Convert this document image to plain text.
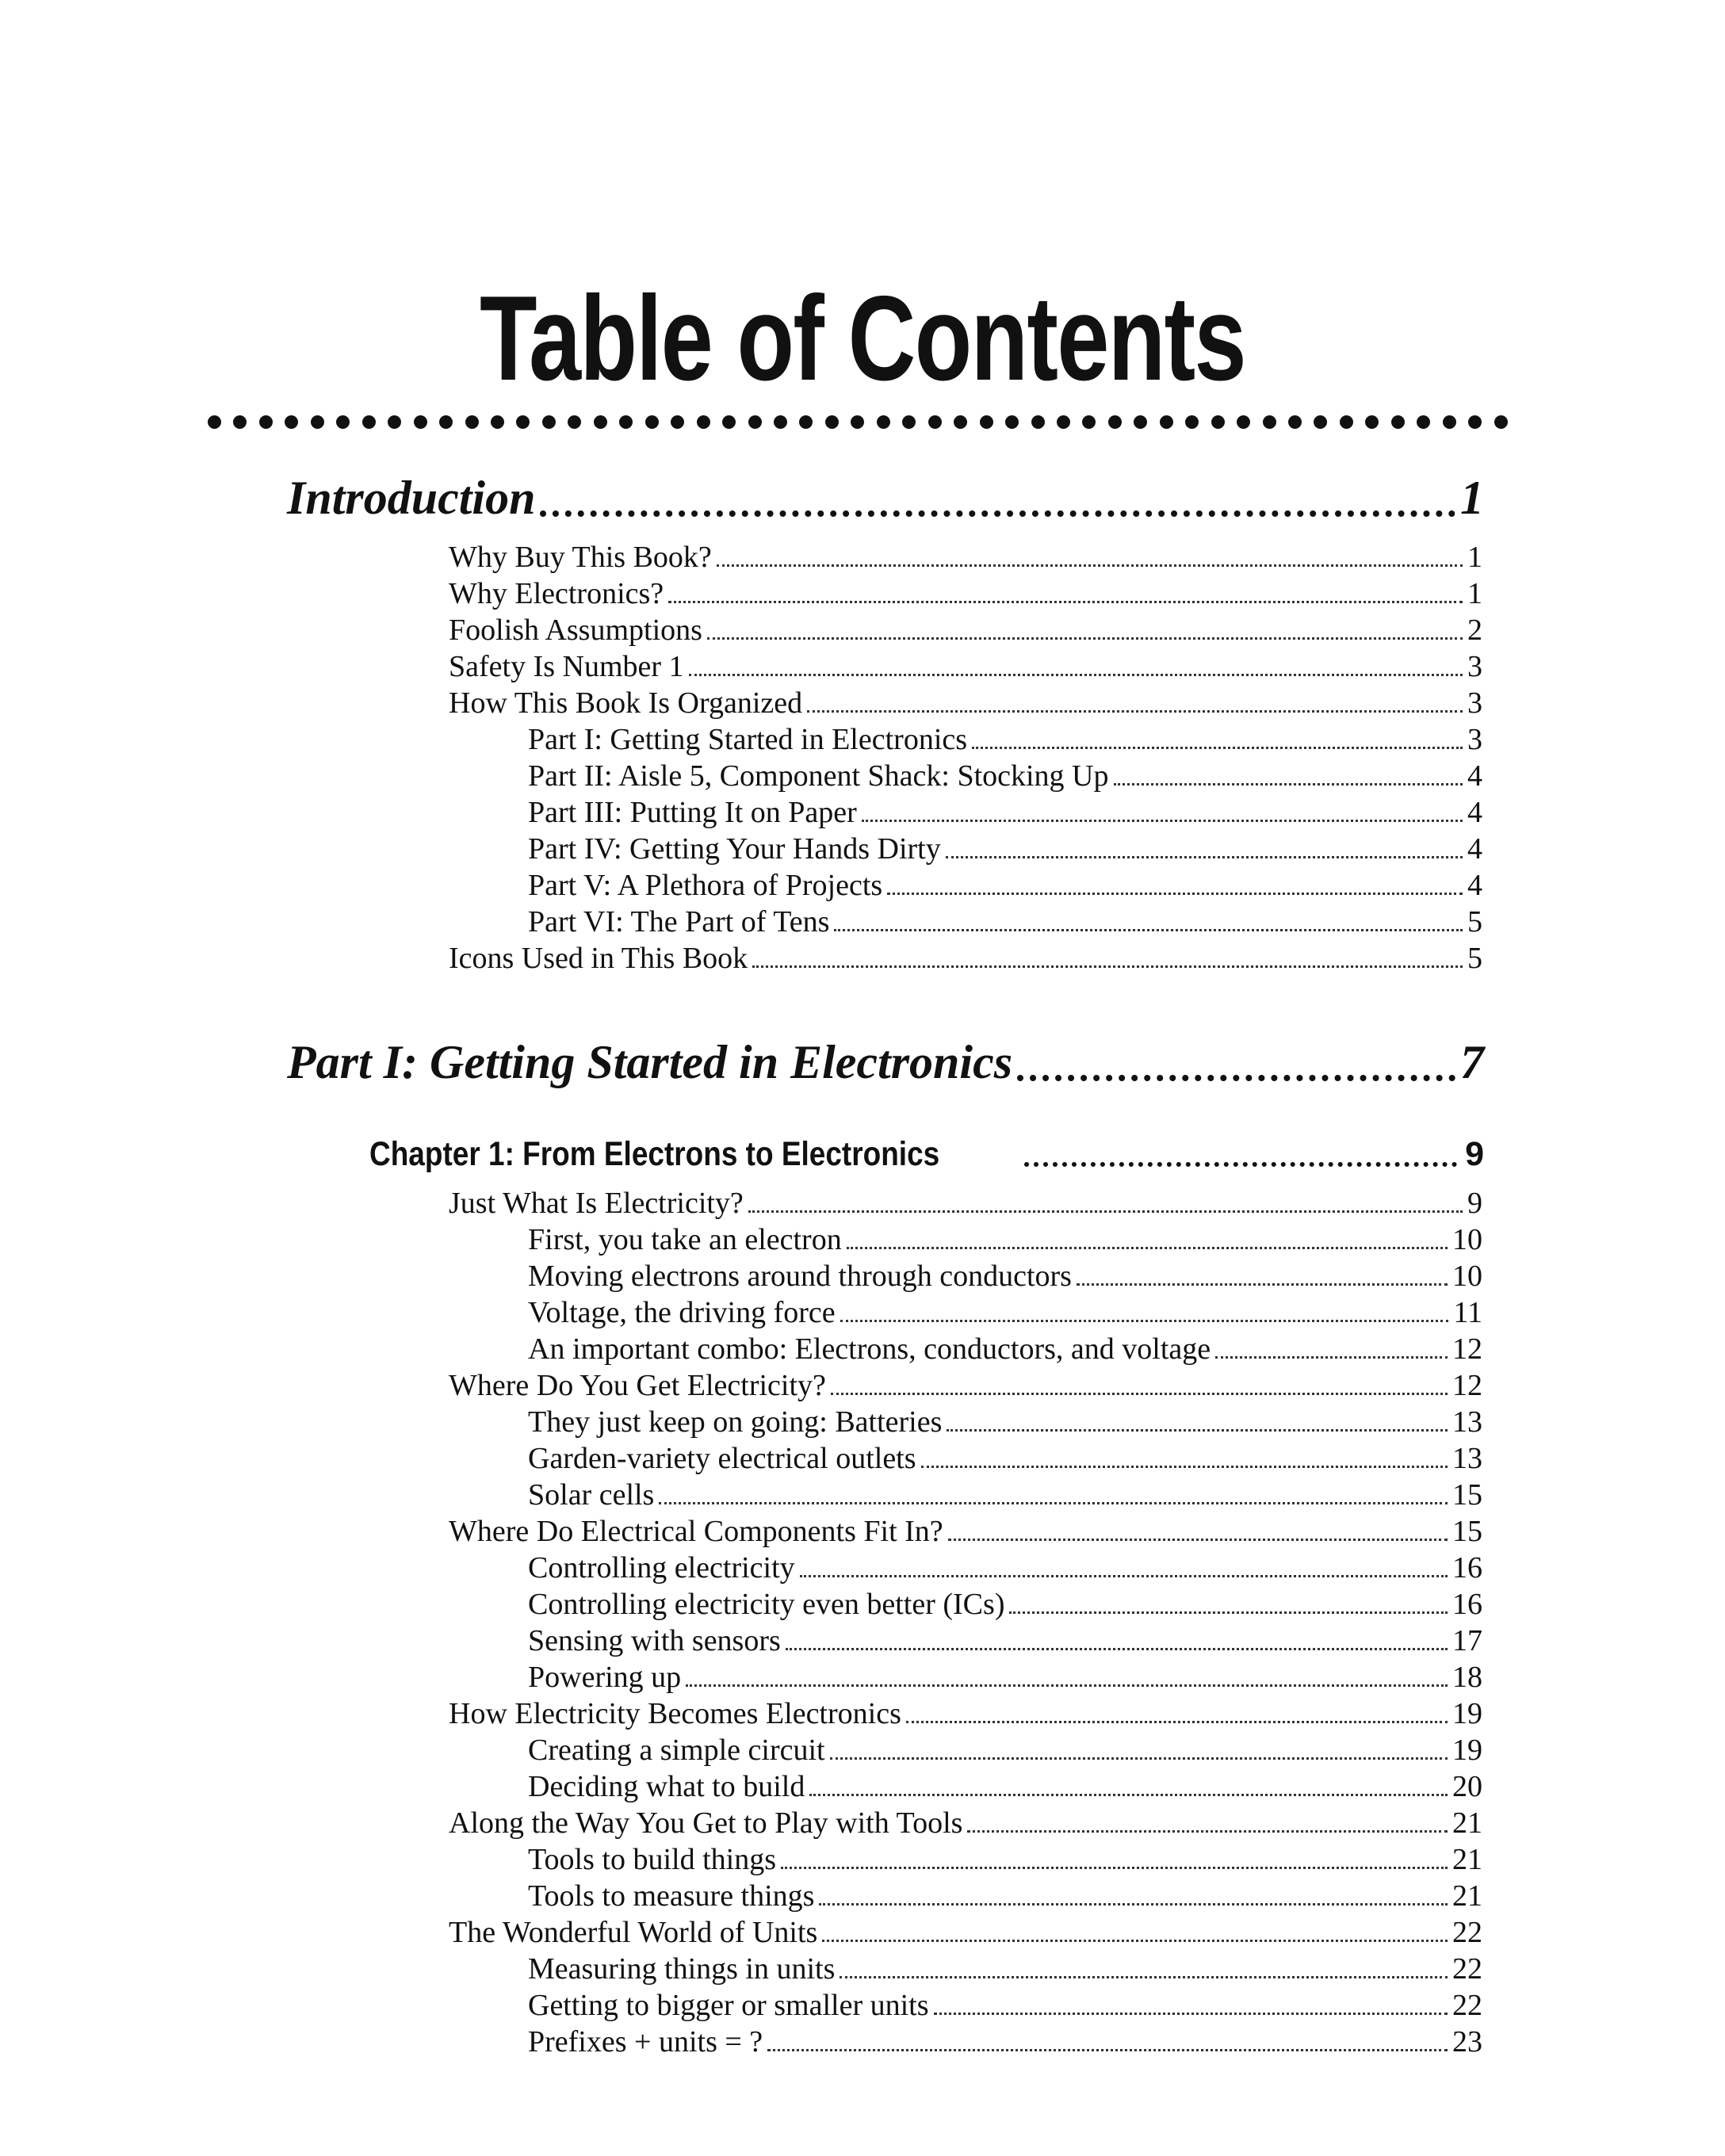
Table of Contents
Introduction	1
Why Buy This Book?	1
Why Electronics?	1
Foolish Assumptions	2
Safety Is Number 1	3
How This Book Is Organized	3
Part I: Getting Started in Electronics	3
Part II: Aisle 5, Component Shack: Stocking Up	4
Part III: Putting It on Paper	4
Part IV: Getting Your Hands Dirty	4
Part V: A Plethora of Projects	4
Part VI: The Part of Tens	5
Icons Used in This Book	5
Part I: Getting Started in Electronics	7
Chapter 1: From Electrons to Electronics	9
Just What Is Electricity?	9
First, you take an electron	10
Moving electrons around through conductors	10
Voltage, the driving force	11
An important combo: Electrons, conductors, and voltage	12
Where Do You Get Electricity?	12
They just keep on going: Batteries	13
Garden-variety electrical outlets	13
Solar cells	15
Where Do Electrical Components Fit In?	15
Controlling electricity	16
Controlling electricity even better (ICs)	16
Sensing with sensors	17
Powering up	18
How Electricity Becomes Electronics	19
Creating a simple circuit	19
Deciding what to build	20
Along the Way You Get to Play with Tools	21
Tools to build things	21
Tools to measure things	21
The Wonderful World of Units	22
Measuring things in units	22
Getting to bigger or smaller units	22
Prefixes + units = ?	23
